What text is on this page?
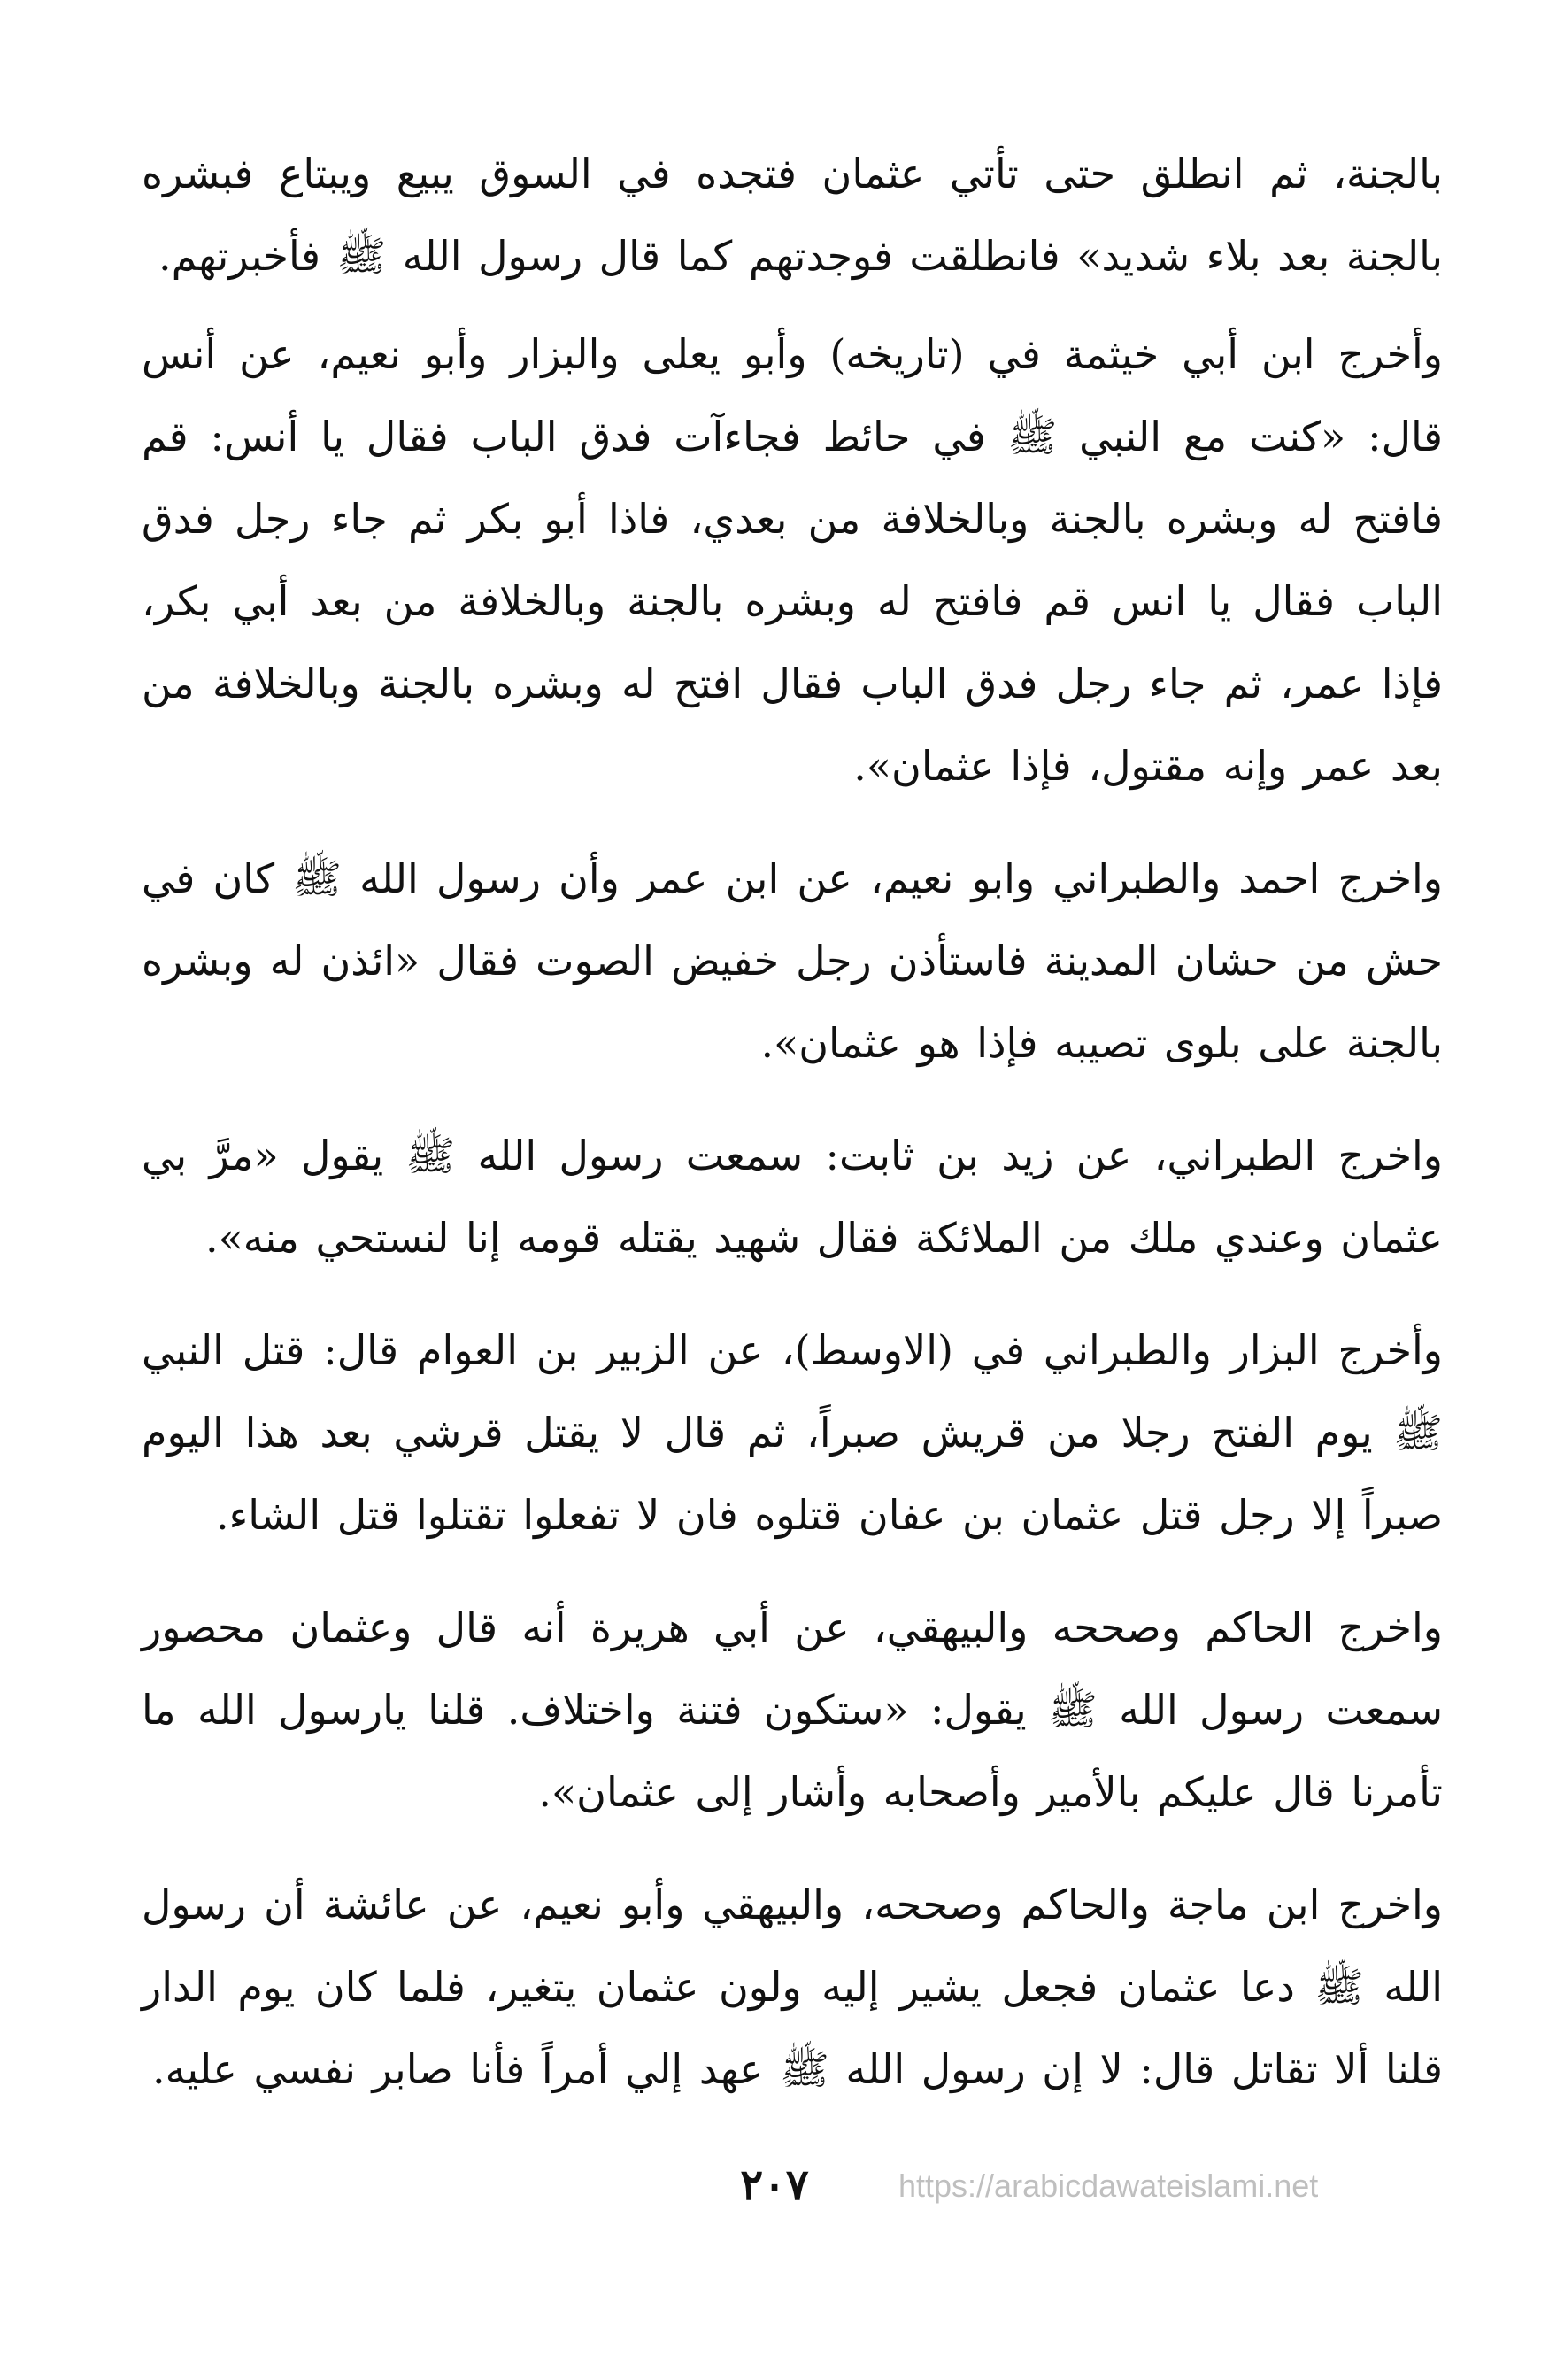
بالجنة، ثم انطلق حتى تأتي عثمان فتجده في السوق يبيع ويبتاع فبشره بالجنة بعد بلاء شديد» فانطلقت فوجدتهم كما قال رسول الله ﷺ فأخبرتهم.

وأخرج ابن أبي خيثمة في (تاريخه) وأبو يعلى والبزار وأبو نعيم، عن أنس قال: «كنت مع النبي ﷺ في حائط فجاءآت فدق الباب فقال يا أنس: قم فافتح له وبشره بالجنة وبالخلافة من بعدي، فاذا أبو بكر ثم جاء رجل فدق الباب فقال يا انس قم فافتح له وبشره بالجنة وبالخلافة من بعد أبي بكر، فإذا عمر، ثم جاء رجل فدق الباب فقال افتح له وبشره بالجنة وبالخلافة من بعد عمر وإنه مقتول، فإذا عثمان».

واخرج احمد والطبراني وابو نعيم، عن ابن عمر وأن رسول الله ﷺ كان في حش من حشان المدينة فاستأذن رجل خفيض الصوت فقال «ائذن له وبشره بالجنة على بلوى تصيبه فإذا هو عثمان».

واخرج الطبراني، عن زيد بن ثابت: سمعت رسول الله ﷺ يقول «مرَّ بي عثمان وعندي ملك من الملائكة فقال شهيد يقتله قومه إنا لنستحي منه».

وأخرج البزار والطبراني في (الاوسط)، عن الزبير بن العوام قال: قتل النبي ﷺ يوم الفتح رجلا من قريش صبراً، ثم قال لا يقتل قرشي بعد هذا اليوم صبراً إلا رجل قتل عثمان بن عفان قتلوه فان لا تفعلوا تقتلوا قتل الشاء.

واخرج الحاكم وصححه والبيهقي، عن أبي هريرة أنه قال وعثمان محصور سمعت رسول الله ﷺ يقول: «ستكون فتنة واختلاف. قلنا يارسول الله ما تأمرنا قال عليكم بالأمير وأصحابه وأشار إلى عثمان».

واخرج ابن ماجة والحاكم وصححه، والبيهقي وأبو نعيم، عن عائشة أن رسول الله ﷺ دعا عثمان فجعل يشير إليه ولون عثمان يتغير، فلما كان يوم الدار قلنا ألا تقاتل قال: لا إن رسول الله ﷺ عهد إلي أمراً فأنا صابر نفسي عليه.

٢٠٧	https://arabicdawateislami.net
